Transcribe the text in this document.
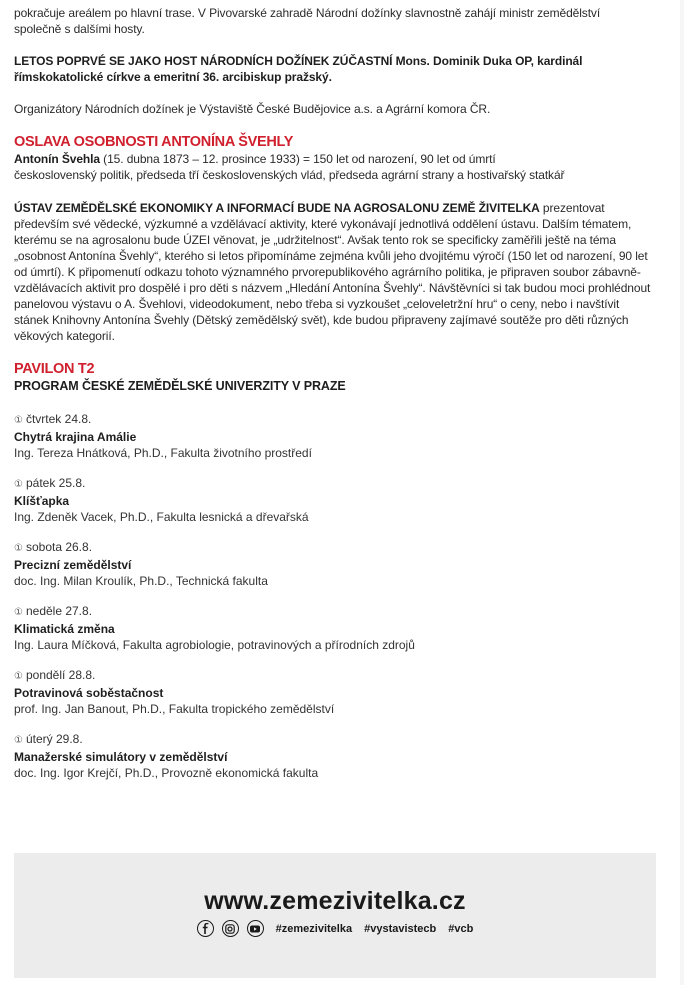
pokračuje areálem po hlavní trase. V Pivovarské zahradě Národní dožínky slavnostně zahájí ministr zemědělství

společně s dalšími hosty.

LETOS POPRVÉ SE JAKO HOST NÁRODNÍCH DOŽÍNEK ZÚČASTNÍ Mons. Dominik Duka OP, kardinál římskokatolické církve a emeritní 36. arcibiskup pražský.

Organizátory Národních dožínek je Výstaviště České Budějovice a.s. a Agrární komora ČR.

OSLAVA OSOBNOSTI ANTONÍNA ŠVEHLY

Antonín Švehla (15. dubna 1873 – 12. prosince 1933) = 150 let od narození, 90 let od úmrtí

československý politik, předseda tří československých vlád, předseda agrární strany a hostivařský statkář

ÚSTAV ZEMĚDĚLSKÉ EKONOMIKY A INFORMACÍ BUDE NA AGROSALONU ZEMĚ ŽIVITELKA prezentovat především své vědecké, výzkumné a vzdělávací aktivity, které vykonávají jednotlivá oddělení ústavu. Dalším tématem, kterému se na agrosalonu bude ÚZEI věnovat, je „udržitelnost“. Avšak tento rok se specificky zaměřili ještě na téma „osobnost Antonína Švehly“, kterého si letos připomínáme zejména kvůli jeho dvojitému výročí (150 let od narození, 90 let od úmrtí). K připomenutí odkazu tohoto významného prvorepublikového agrárního politika, je připraven soubor zábavně-vzdělávacích aktivit pro dospělé i pro děti s názvem „Hledání Antonína Švehly“. Návštěvníci si tak budou moci prohlédnout panelovou výstavu o A. Švehlovi, videodokument, nebo třeba si vyzkoušet „celoveletržní hru“ o ceny, nebo i navštívit stánek Knihovny Antonína Švehly (Dětský zemědělský svět), kde budou připraveny zajímavé soutěže pro děti různých věkových kategorií.

PAVILON T2
PROGRAM ČESKÉ ZEMĚDĚLSKÉ UNIVERZITY V PRAZE
① čtvrtek 24.8.
Chytrá krajina Amálie
Ing. Tereza Hnátková, Ph.D., Fakulta životního prostředí
① pátek 25.8.
Klíšťapka
Ing. Zdeněk Vacek, Ph.D., Fakulta lesnická a dřevařská
① sobota 26.8.
Precizní zemědělství
doc. Ing. Milan Kroulík, Ph.D., Technická fakulta
① neděle 27.8.
Klimatická změna
Ing. Laura Míčková, Fakulta agrobiologie, potravinových a přírodních zdrojů
① pondělí 28.8.
Potravinová soběstačnost
prof. Ing. Jan Banout, Ph.D., Fakulta tropického zemědělství
① úterý 29.8.
Manažerské simulátory v zemědělství
doc. Ing. Igor Krejčí, Ph.D., Provozně ekonomická fakulta
www.zemezivitelka.cz
#zemezivitelka #vystavistecb #vcb
